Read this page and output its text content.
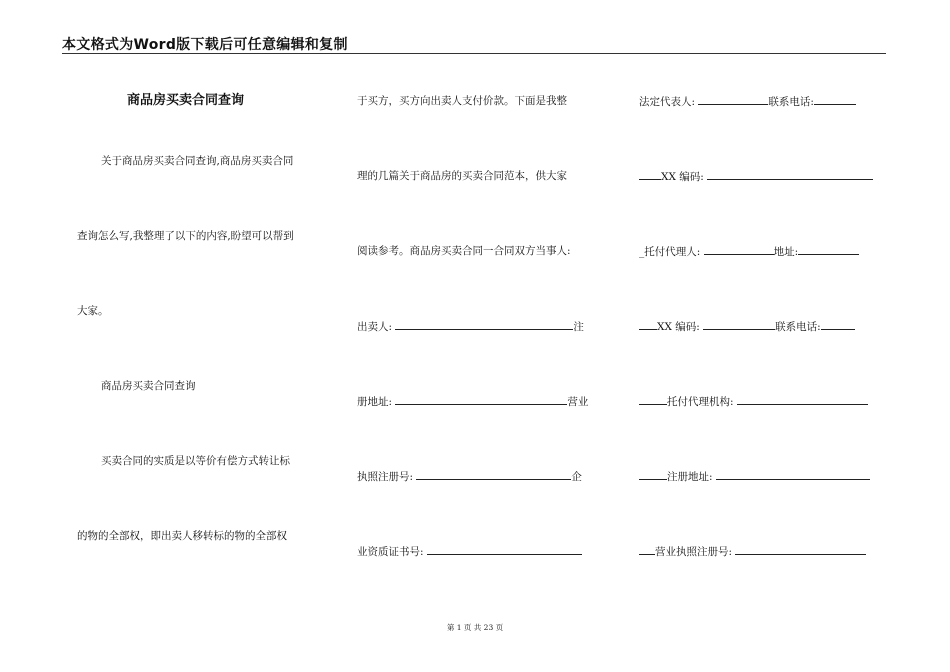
本文格式为Word版下载后可任意编辑和复制
商品房买卖合同查询
关于商品房买卖合同查询,商品房买卖合同
查询怎么写,我整理了以下的内容,盼望可以帮到
大家。
商品房买卖合同查询
买卖合同的实质是以等价有偿方式转让标
的物的全部权，即出卖人移转标的物的全部权
于买方，买方向出卖人支付价款。下面是我整
理的几篇关于商品房的买卖合同范本，供大家
阅读参考。商品房买卖合同一合同双方当事人:
出卖人:	注
册地址:	营业
执照注册号:	企
业资质证书号:
法定代表人:	联系电话:
XX 编码:
_托付代理人:	地址:
XX 编码:	联系电话:
托付代理机构:
注册地址:
营业执照注册号:
第 1 页 共 23 页
